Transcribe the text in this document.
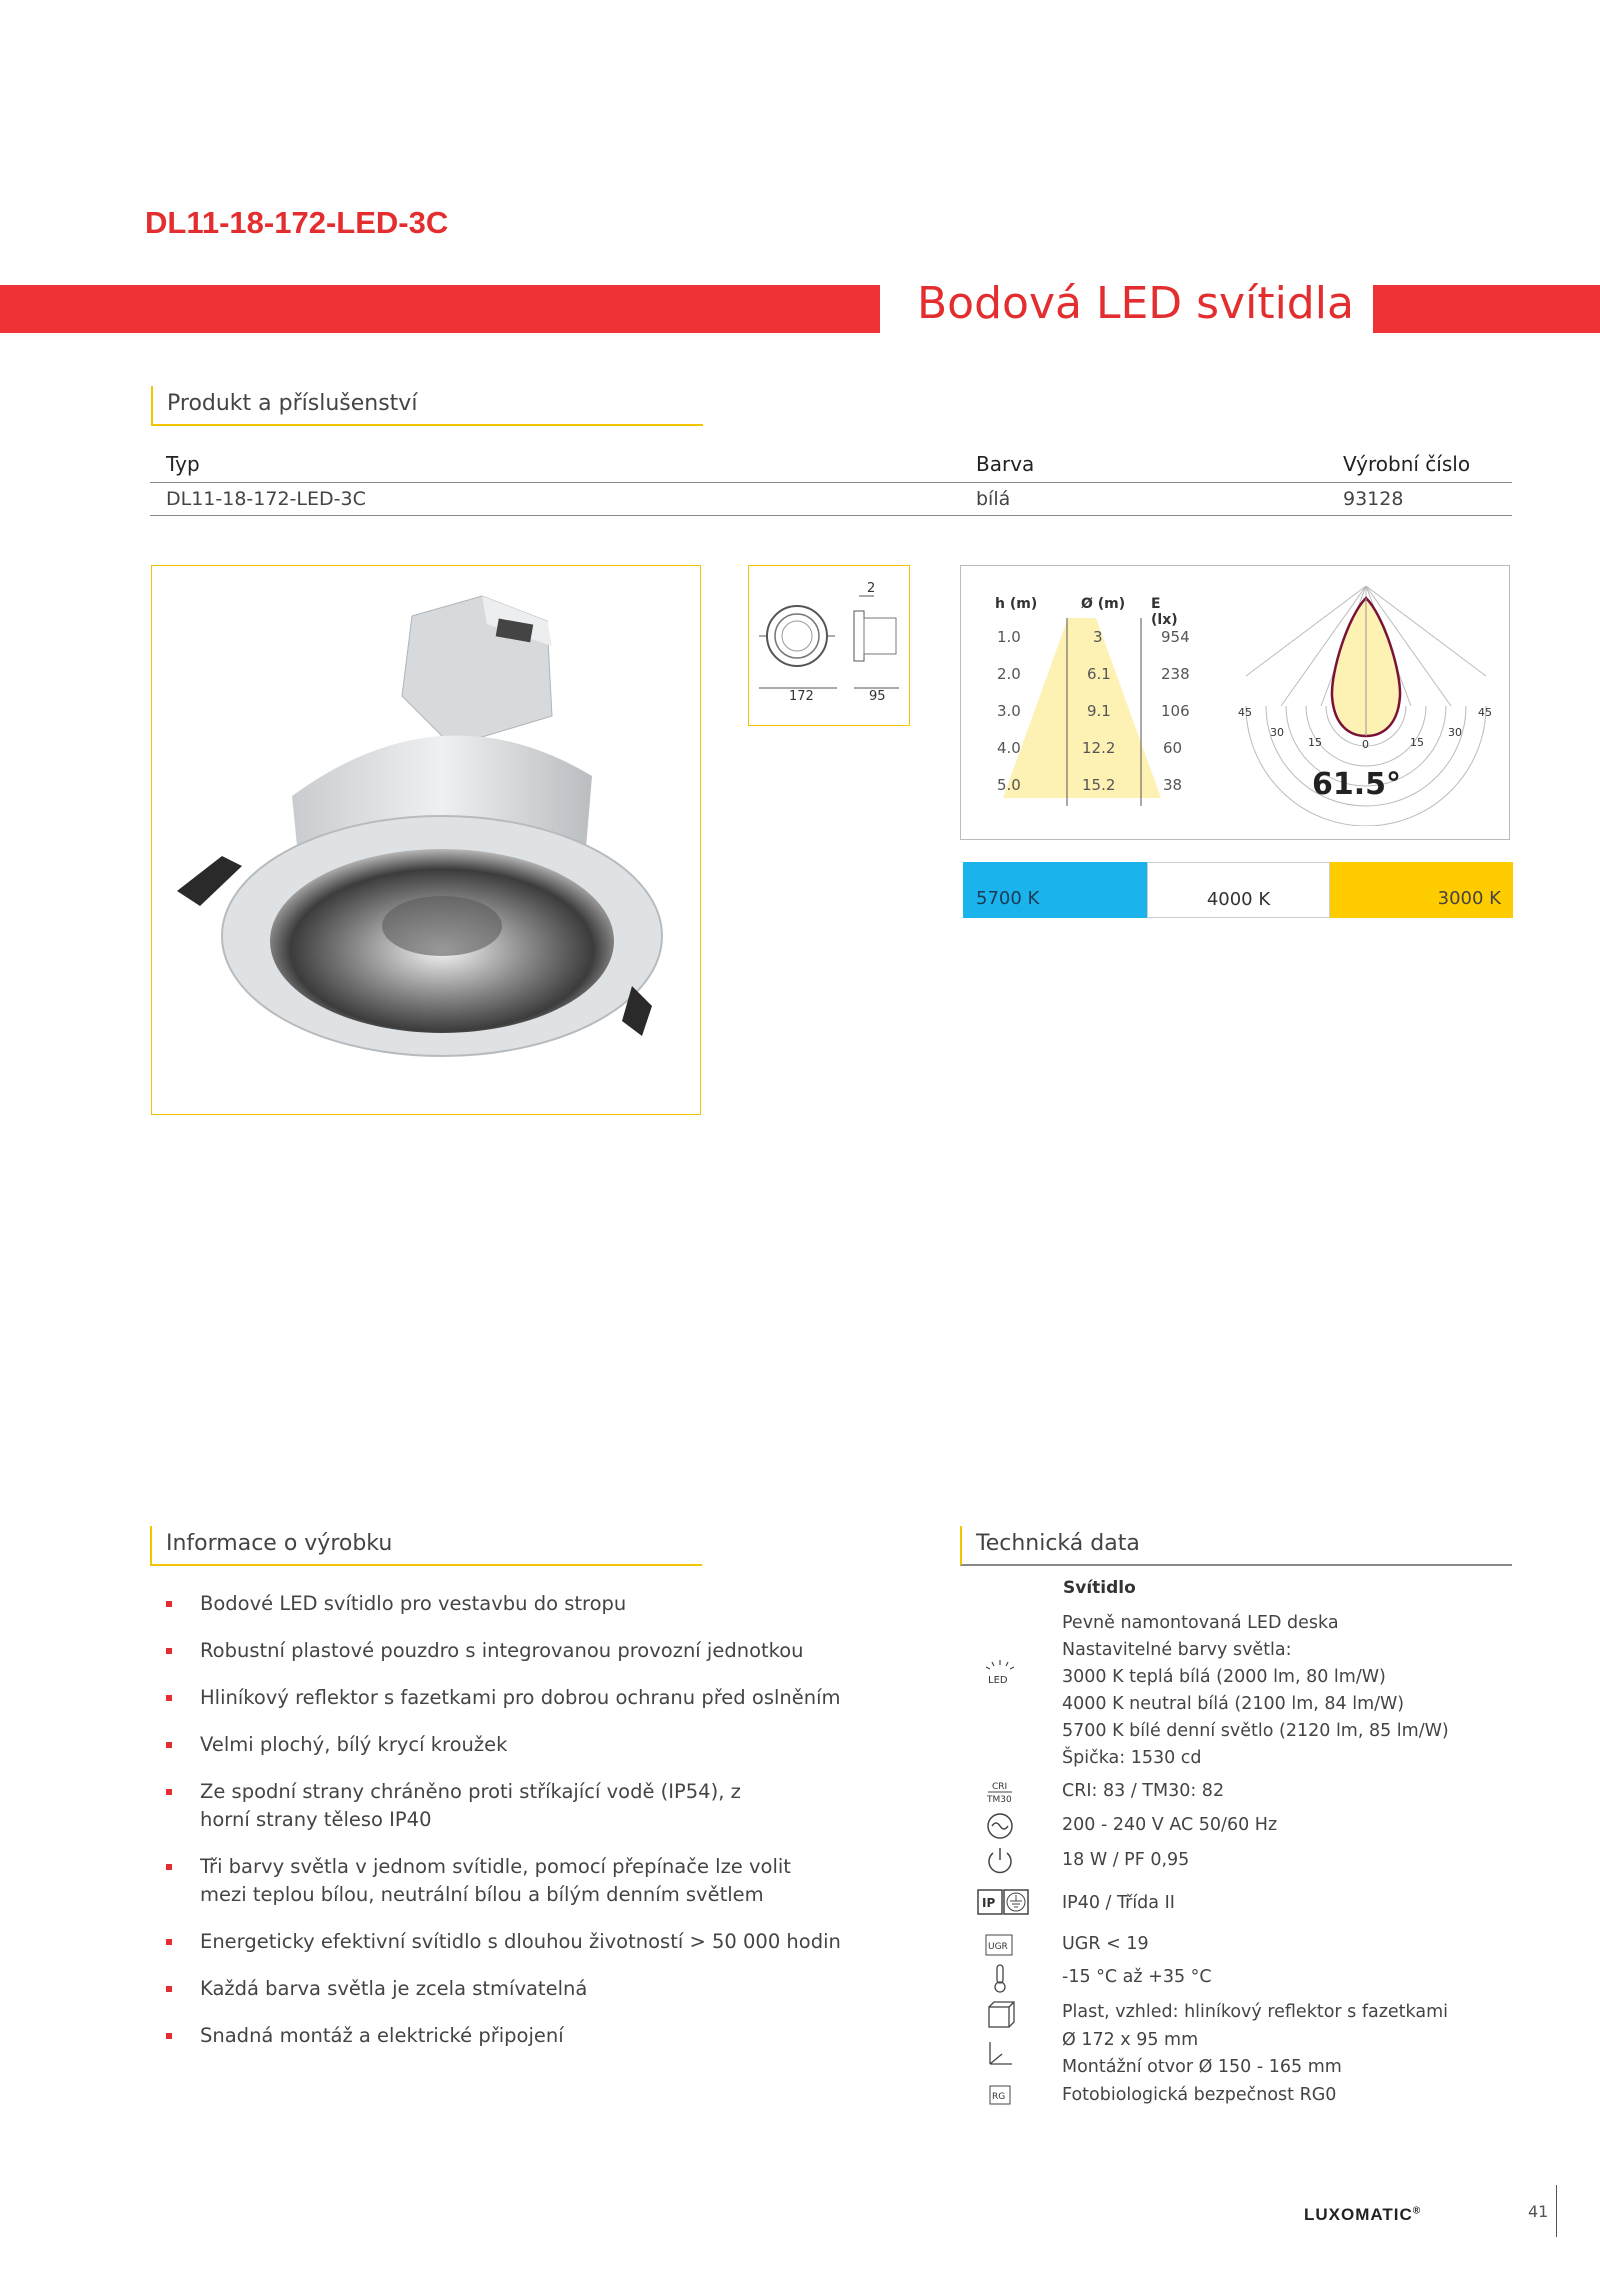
DL11-18-172-LED-3C
Bodová LED svítidla
Produkt a příslušenství
Typ	Barva	Výrobní číslo
DL11-18-172-LED-3C	bílá	93128
172	95
2
h (m)	Ø (m) E (lx)
1.0	3	954
2.0	6.1	238
3.0	9.1	106
4.0	12.2	60
5.0	15.2	38
45	45
30	30
15	15
0
61.5°
5700 K	4000 K	3000 K
Informace o výrobku
Bodové LED svítidlo pro vestavbu do stropu
Robustní plastové pouzdro s integrovanou provozní jednotkou
Hliníkový reflektor s fazetkami pro dobrou ochranu před oslněním
Velmi plochý, bílý krycí kroužek
Ze spodní strany chráněno proti stříkající vodě (IP54), z horní strany těleso IP40
Tři barvy světla v jednom svítidle, pomocí přepínače lze volit mezi teplou bílou, neutrální bílou a bílým denním světlem
Energeticky efektivní svítidlo s dlouhou životností > 50 000 hodin
Každá barva světla je zcela stmívatelná
Snadná montáž a elektrické připojení
Technická data
Svítidlo
LED
Pevně namontovaná LED deska
Nastavitelné barvy světla:
3000 K teplá bílá (2000 lm, 80 lm/W)
4000 K neutral bílá (2100 lm, 84 lm/W)
5700 K bílé denní světlo (2120 lm, 85 lm/W)
Špička: 1530 cd
CRI
TM30	CRI: 83 / TM30: 82
200 - 240 V AC 50/60 Hz
18 W / PF 0,95
IP	IP40 / Třída II
UGR	UGR < 19
-15 °C až +35 °C
Plast, vzhled: hliníkový reflektor s fazetkami
Ø 172 x 95 mm
Montážní otvor Ø 150 - 165 mm
RG	Fotobiologická bezpečnost RG0
LUXOMATIC®	41
